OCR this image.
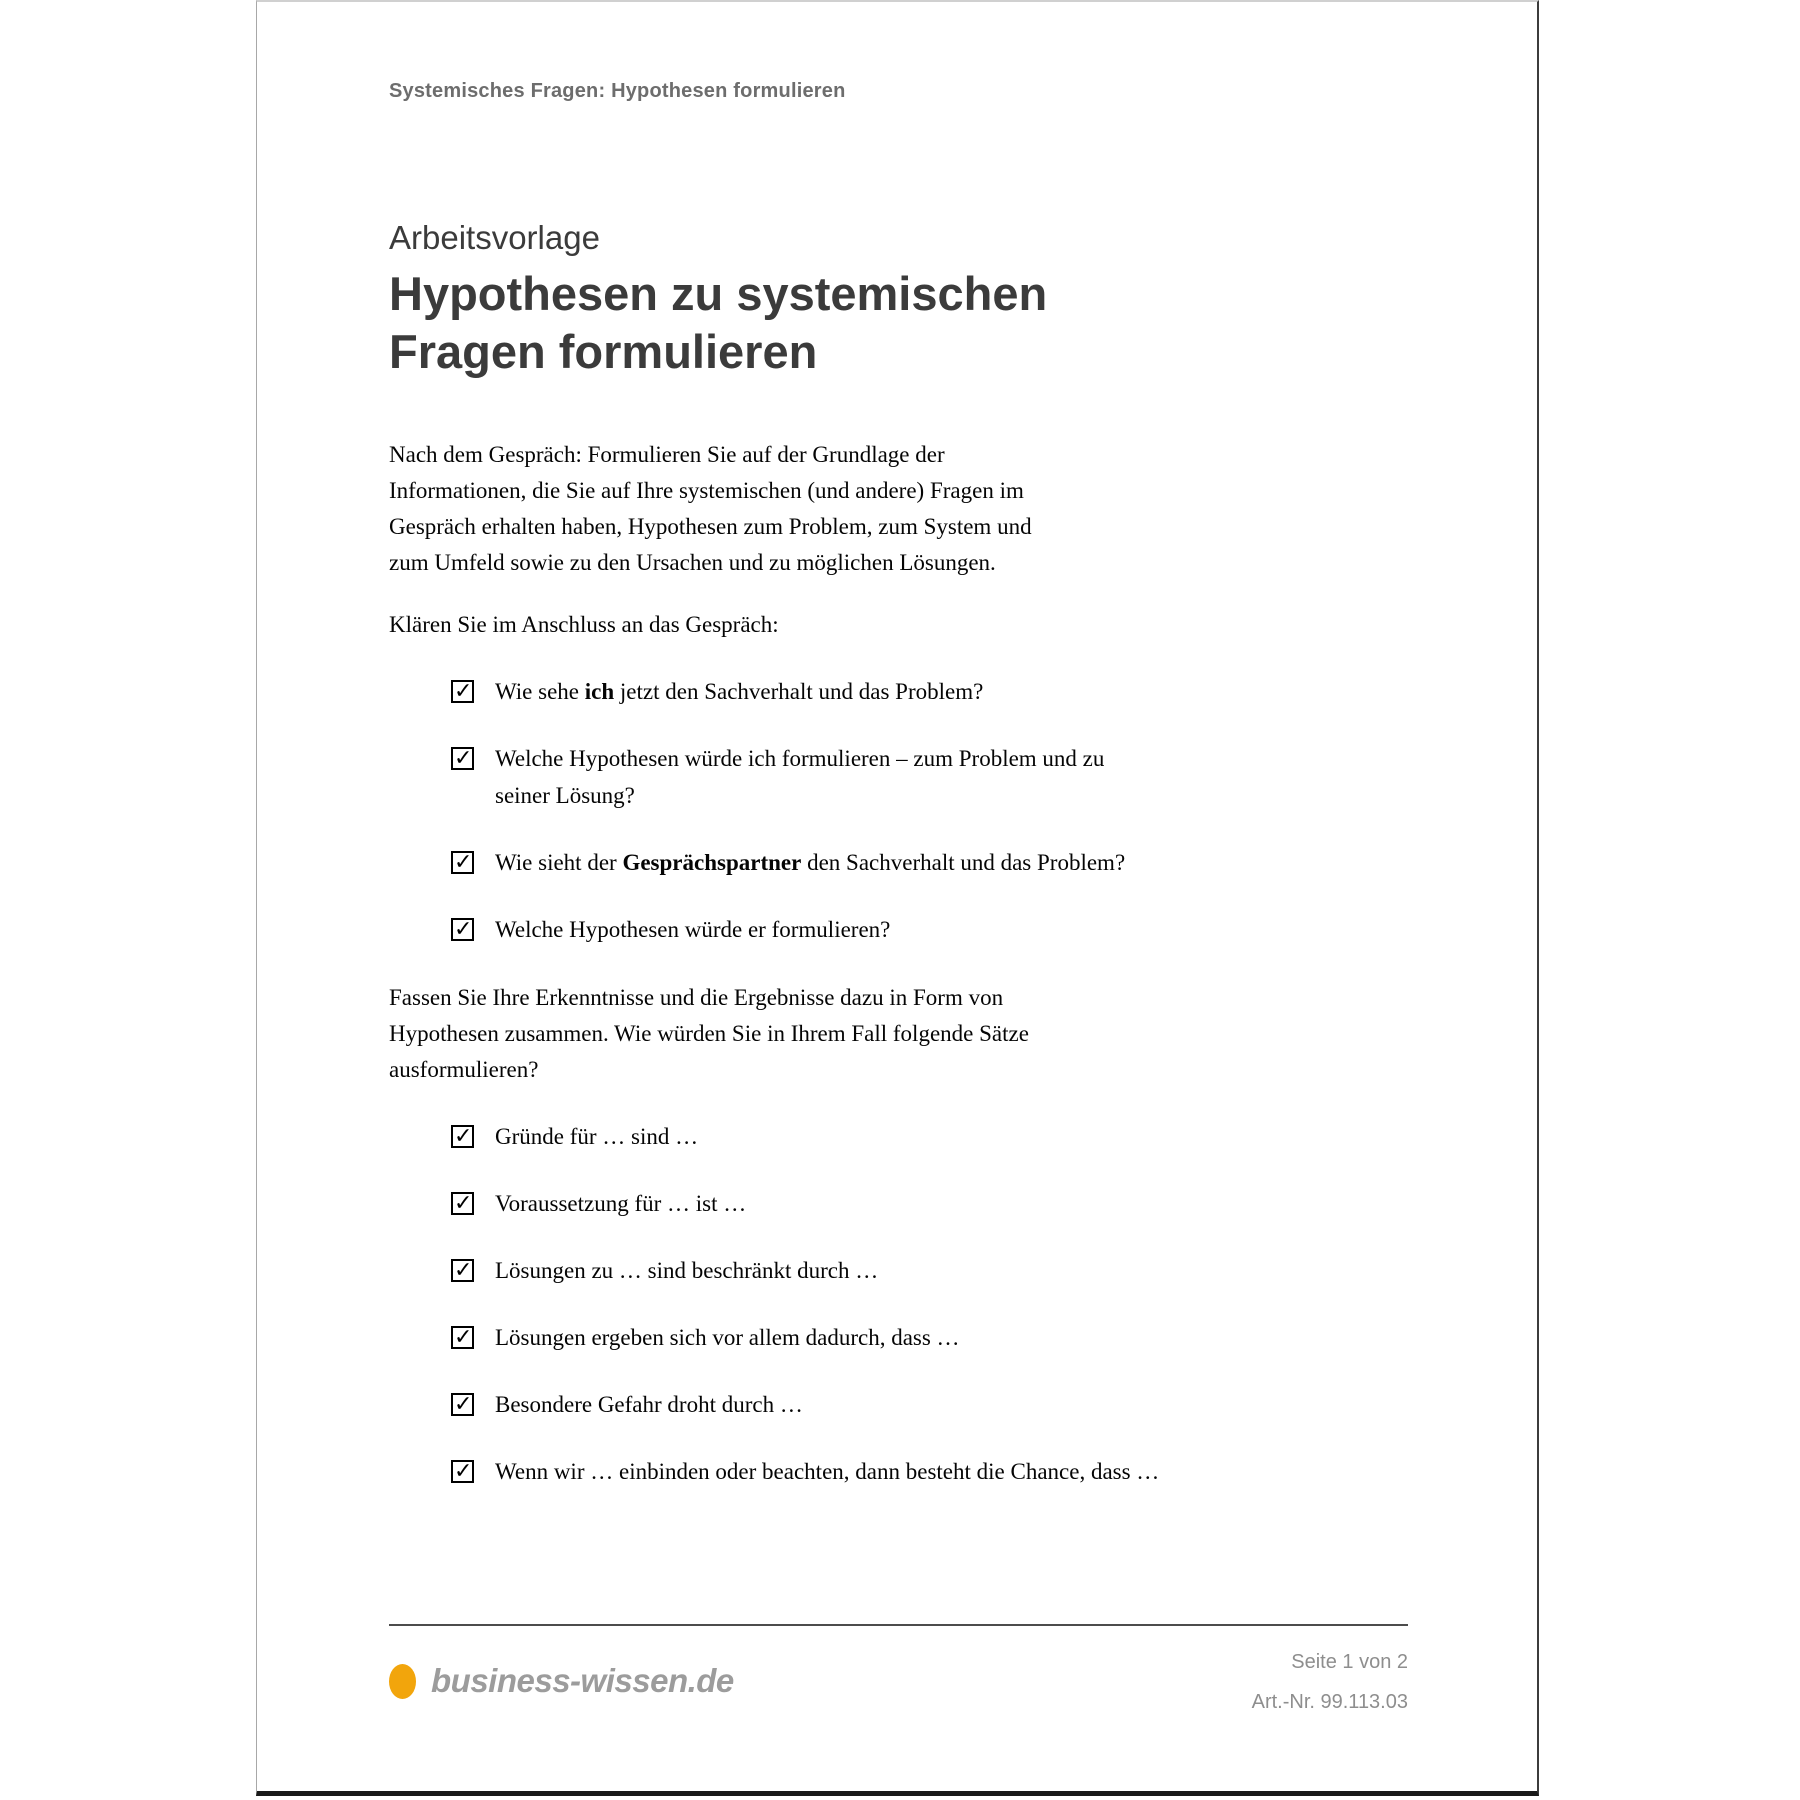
Systemisches Fragen: Hypothesen formulieren
Arbeitsvorlage
Hypothesen zu systemischen
Fragen formulieren
Nach dem Gespräch: Formulieren Sie auf der Grundlage der Informationen, die Sie auf Ihre systemischen (und andere) Fragen im Gespräch erhalten haben, Hypothesen zum Problem, zum System und zum Umfeld sowie zu den Ursachen und zu möglichen Lösungen.
Klären Sie im Anschluss an das Gespräch:
✓ Wie sehe ich jetzt den Sachverhalt und das Problem?
✓ Welche Hypothesen würde ich formulieren – zum Problem und zu
seiner Lösung?
✓ Wie sieht der Gesprächspartner den Sachverhalt und das Problem?
✓ Welche Hypothesen würde er formulieren?
Fassen Sie Ihre Erkenntnisse und die Ergebnisse dazu in Form von Hypothesen zusammen. Wie würden Sie in Ihrem Fall folgende Sätze ausformulieren?
✓ Gründe für … sind …
✓ Voraussetzung für … ist …
✓ Lösungen zu … sind beschränkt durch …
✓ Lösungen ergeben sich vor allem dadurch, dass …
✓ Besondere Gefahr droht durch …
✓ Wenn wir … einbinden oder beachten, dann besteht die Chance, dass …
business-wissen.de	Seite 1 von 2
Art.-Nr. 99.113.03
